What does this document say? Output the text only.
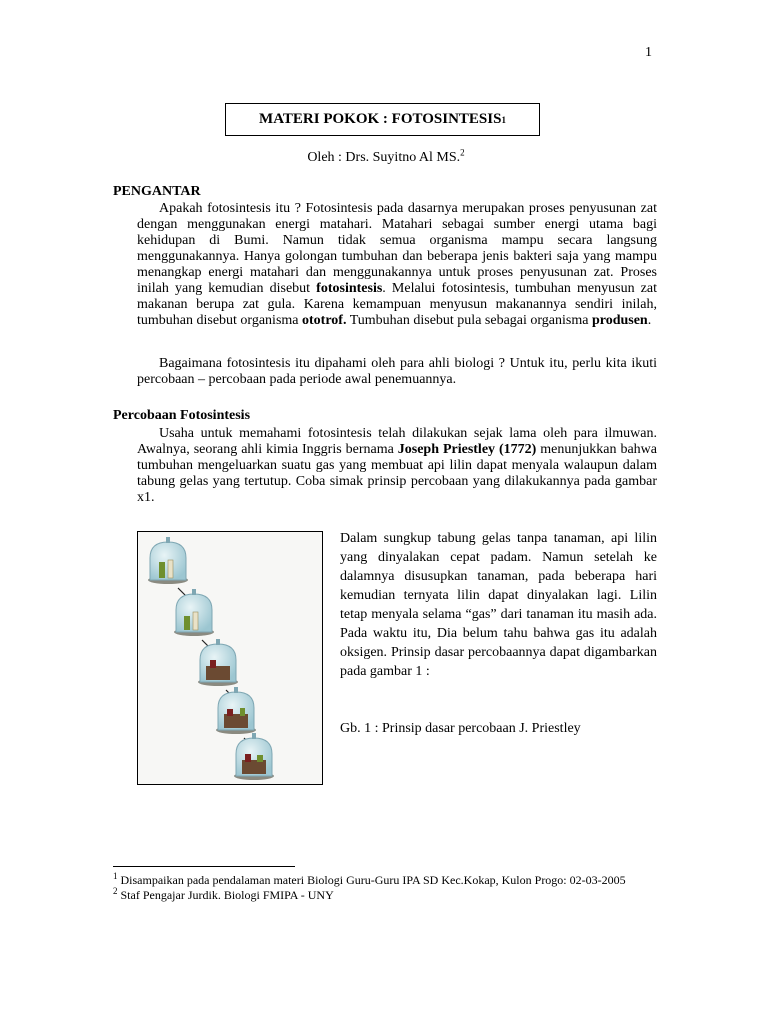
1
MATERI POKOK : FOTOSINTESIS 1
Oleh : Drs. Suyitno Al MS.$^2$
PENGANTAR
Apakah fotosintesis itu ? Fotosintesis pada dasarnya merupakan proses penyusunan zat dengan menggunakan energi matahari. Matahari sebagai sumber energi utama bagi kehidupan di Bumi. Namun tidak semua organisma mampu secara langsung menggunakannya. Hanya golongan tumbuhan dan beberapa jenis bakteri saja yang mampu menangkap energi matahari dan menggunakannya untuk proses penyusunan zat. Proses inilah yang kemudian disebut fotosintesis. Melalui fotosintesis, tumbuhan menyusun zat makanan berupa zat gula. Karena kemampuan menyusun makanannya sendiri inilah, tumbuhan disebut organisma ototrof. Tumbuhan disebut pula sebagai organisma produsen.
Bagaimana fotosintesis itu dipahami oleh para ahli biologi ? Untuk itu, perlu kita ikuti percobaan – percobaan pada periode awal penemuannya.
Percobaan Fotosintesis
Usaha untuk memahami fotosintesis telah dilakukan sejak lama oleh para ilmuwan. Awalnya, seorang ahli kimia Inggris bernama Joseph Priestley (1772) menunjukkan bahwa tumbuhan mengeluarkan suatu gas yang membuat api lilin dapat menyala walaupun dalam tabung gelas yang tertutup. Coba simak prinsip percobaan yang dilakukannya pada gambar x1.
Dalam sungkup tabung gelas tanpa tanaman, api lilin yang dinyalakan cepat padam. Namun setelah ke dalamnya disusupkan tanaman, pada beberapa hari kemudian ternyata lilin dapat dinyalakan lagi. Lilin tetap menyala selama “gas” dari tanaman itu masih ada. Pada waktu itu, Dia belum tahu bahwa gas itu adalah oksigen. Prinsip dasar percobaannya dapat digambarkan pada gambar 1 :
Gb. 1 : Prinsip dasar percobaan J. Priestley
$^1$ Disampaikan pada pendalaman materi Biologi Guru-Guru IPA SD Kec.Kokap, Kulon Progo: 02-03-2005
$^2$ Staf Pengajar Jurdik. Biologi FMIPA - UNY
